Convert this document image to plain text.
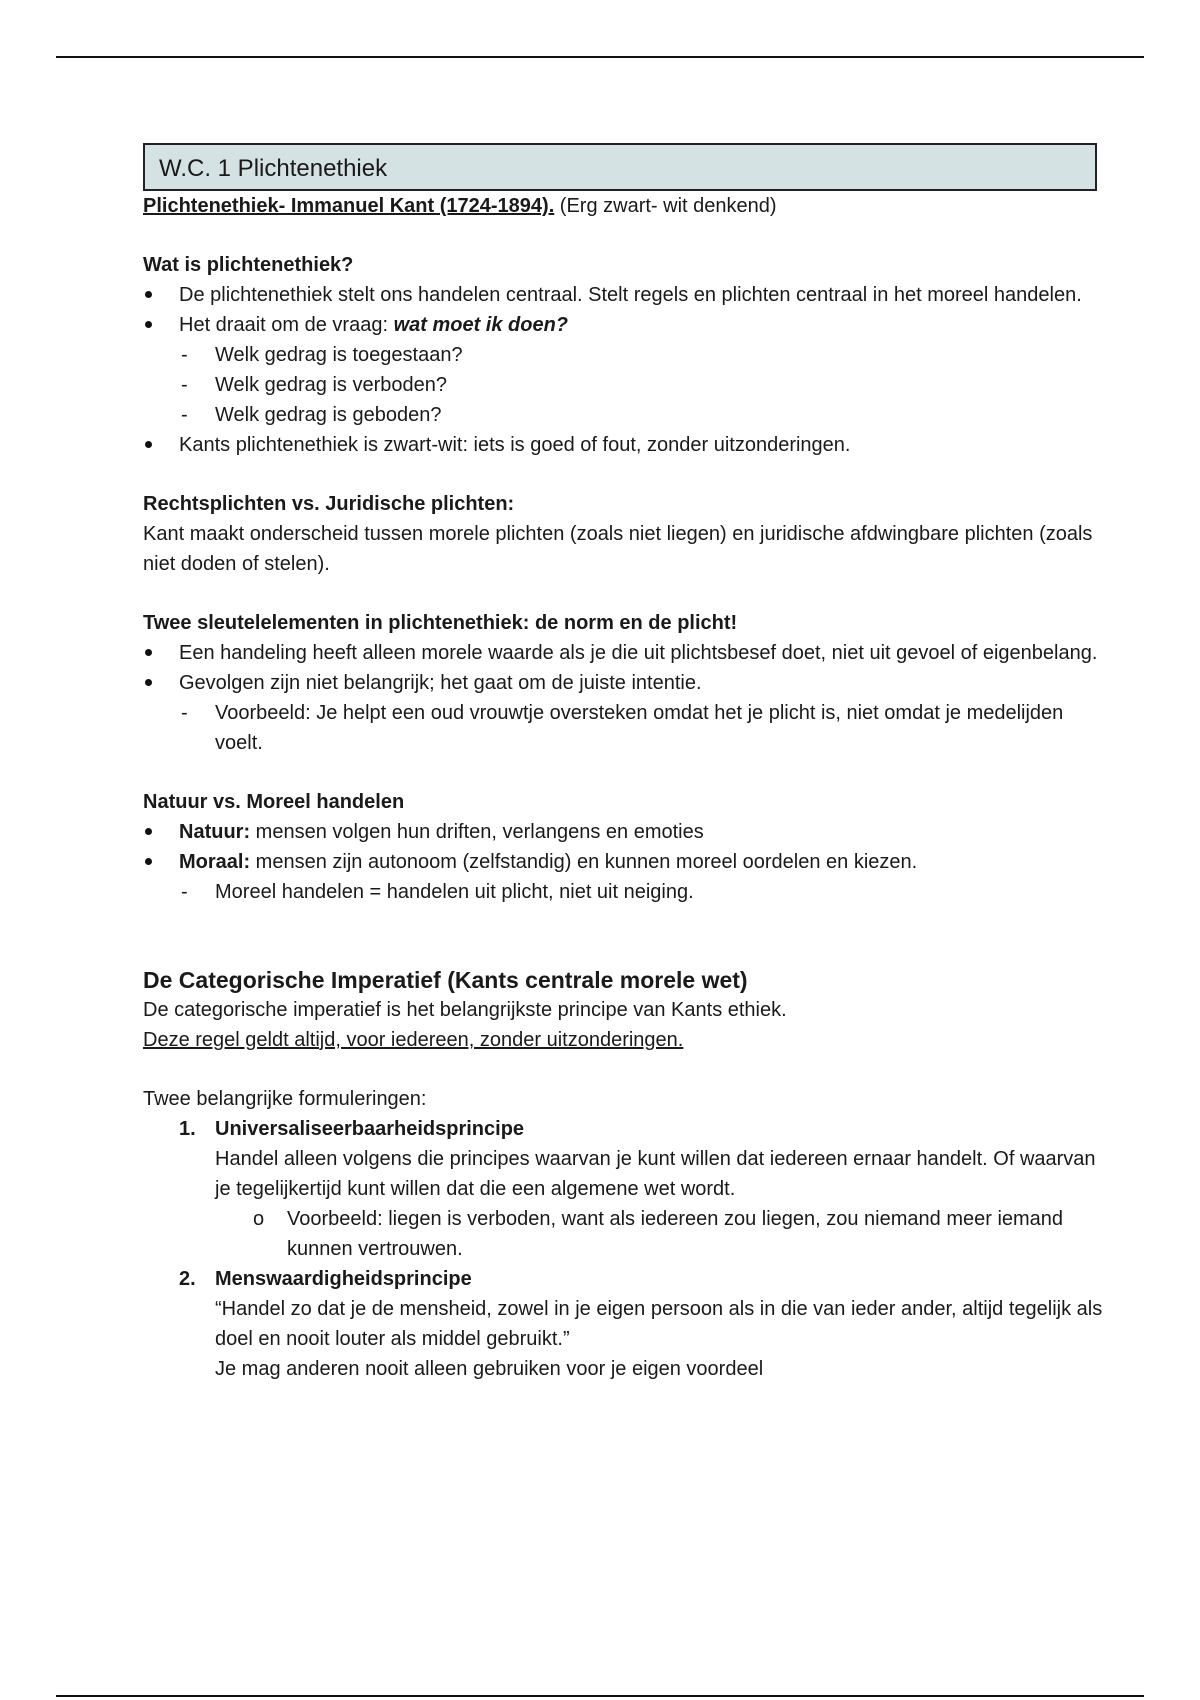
W.C. 1 Plichtenethiek

Plichtenethiek- Immanuel Kant (1724-1894). (Erg zwart- wit denkend)

Wat is plichtenethiek?

De plichtenethiek stelt ons handelen centraal. Stelt regels en plichten centraal in het moreel handelen.
Het draait om de vraag: wat moet ik doen?
- Welk gedrag is toegestaan?
- Welk gedrag is verboden?
- Welk gedrag is geboden?
Kants plichtenethiek is zwart-wit: iets is goed of fout, zonder uitzonderingen.

Rechtsplichten vs. Juridische plichten:

Kant maakt onderscheid tussen morele plichten (zoals niet liegen) en juridische afdwingbare plichten (zoals niet doden of stelen).

Twee sleutelelementen in plichtenethiek: de norm en de plicht!

Een handeling heeft alleen morele waarde als je die uit plichtsbesef doet, niet uit gevoel of eigenbelang.
Gevolgen zijn niet belangrijk; het gaat om de juiste intentie.
- Voorbeeld: Je helpt een oud vrouwtje oversteken omdat het je plicht is, niet omdat je medelijden voelt.

Natuur vs. Moreel handelen

Natuur: mensen volgen hun driften, verlangens en emoties
Moraal: mensen zijn autonoom (zelfstandig) en kunnen moreel oordelen en kiezen.
- Moreel handelen = handelen uit plicht, niet uit neiging.

De Categorische Imperatief (Kants centrale morele wet)

De categorische imperatief is het belangrijkste principe van Kants ethiek.

Deze regel geldt altijd, voor iedereen, zonder uitzonderingen.

Twee belangrijke formuleringen:

1. Universaliseerbaarheidsprincipe
Handel alleen volgens die principes waarvan je kunt willen dat iedereen ernaar handelt. Of waarvan je tegelijkertijd kunt willen dat die een algemene wet wordt.
o Voorbeeld: liegen is verboden, want als iedereen zou liegen, zou niemand meer iemand kunnen vertrouwen.
2. Menswaardigheidsprincipe
“Handel zo dat je de mensheid, zowel in je eigen persoon als in die van ieder ander, altijd tegelijk als doel en nooit louter als middel gebruikt.”
Je mag anderen nooit alleen gebruiken voor je eigen voordeel
